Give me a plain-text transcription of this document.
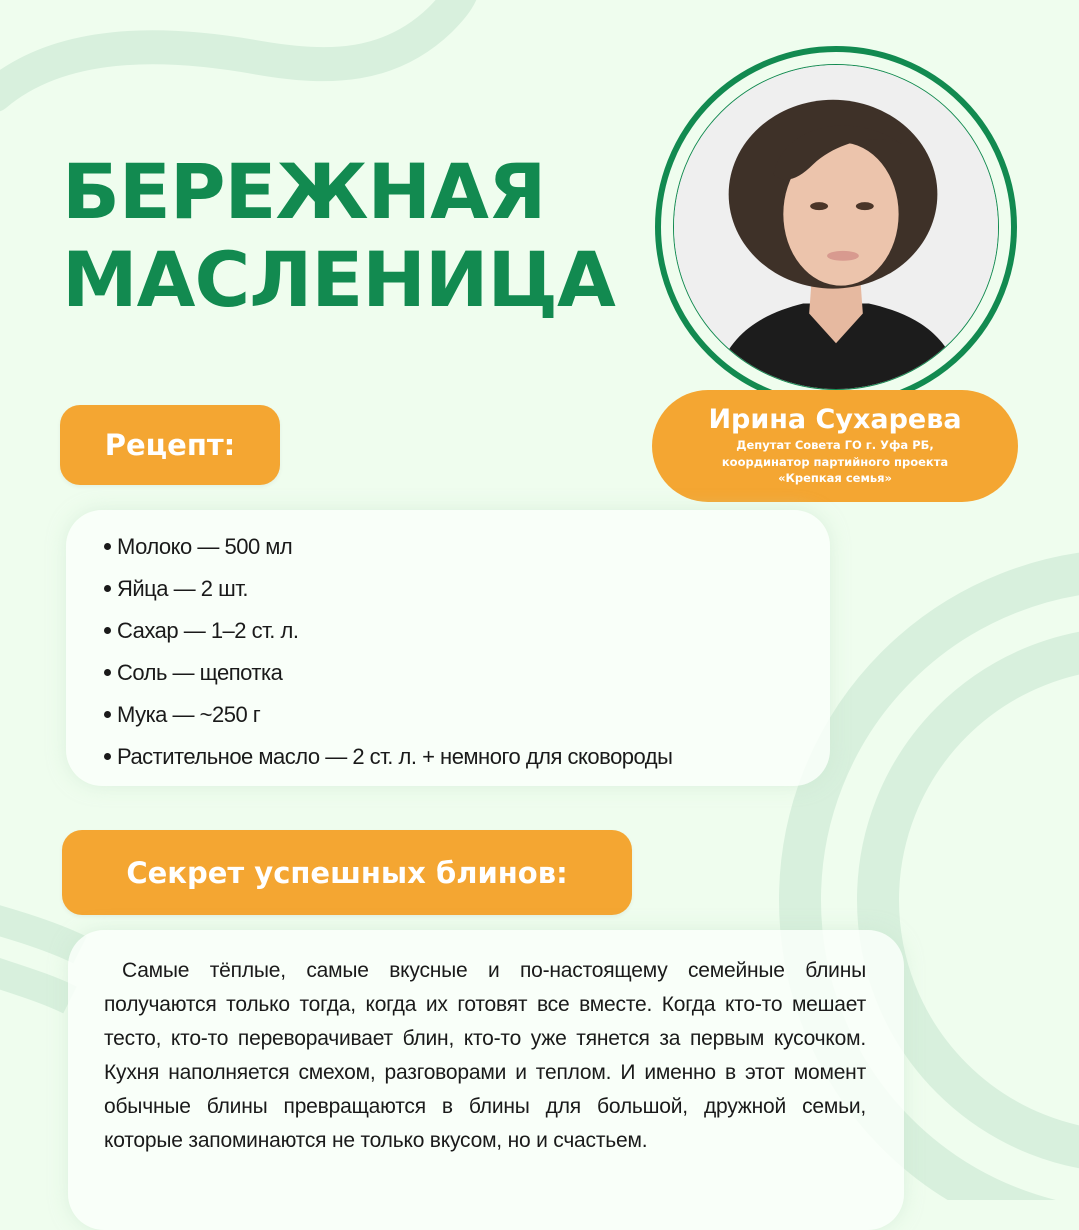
БЕРЕЖНАЯ
МАСЛЕНИЦА
Ирина Сухарева
Депутат Совета ГО г. Уфа РБ,
координатор партийного проекта
«Крепкая семья»
Рецепт:
Молоко — 500 мл
Яйца — 2 шт.
Сахар — 1–2 ст. л.
Соль — щепотка
Мука — ~250 г
Растительное масло — 2 ст. л. + немного для сковороды
Секрет успешных блинов:

Самые тёплые, самые вкусные и по-настоящему семейные блины получаются только тогда, когда их готовят все вместе. Когда кто-то мешает тесто, кто-то переворачивает блин, кто-то уже тянется за первым кусочком. Кухня наполняется смехом, разговорами и теплом. И именно в этот момент обычные блины превращаются в блины для большой, дружной семьи, которые запоминаются не только вкусом, но и счастьем.
